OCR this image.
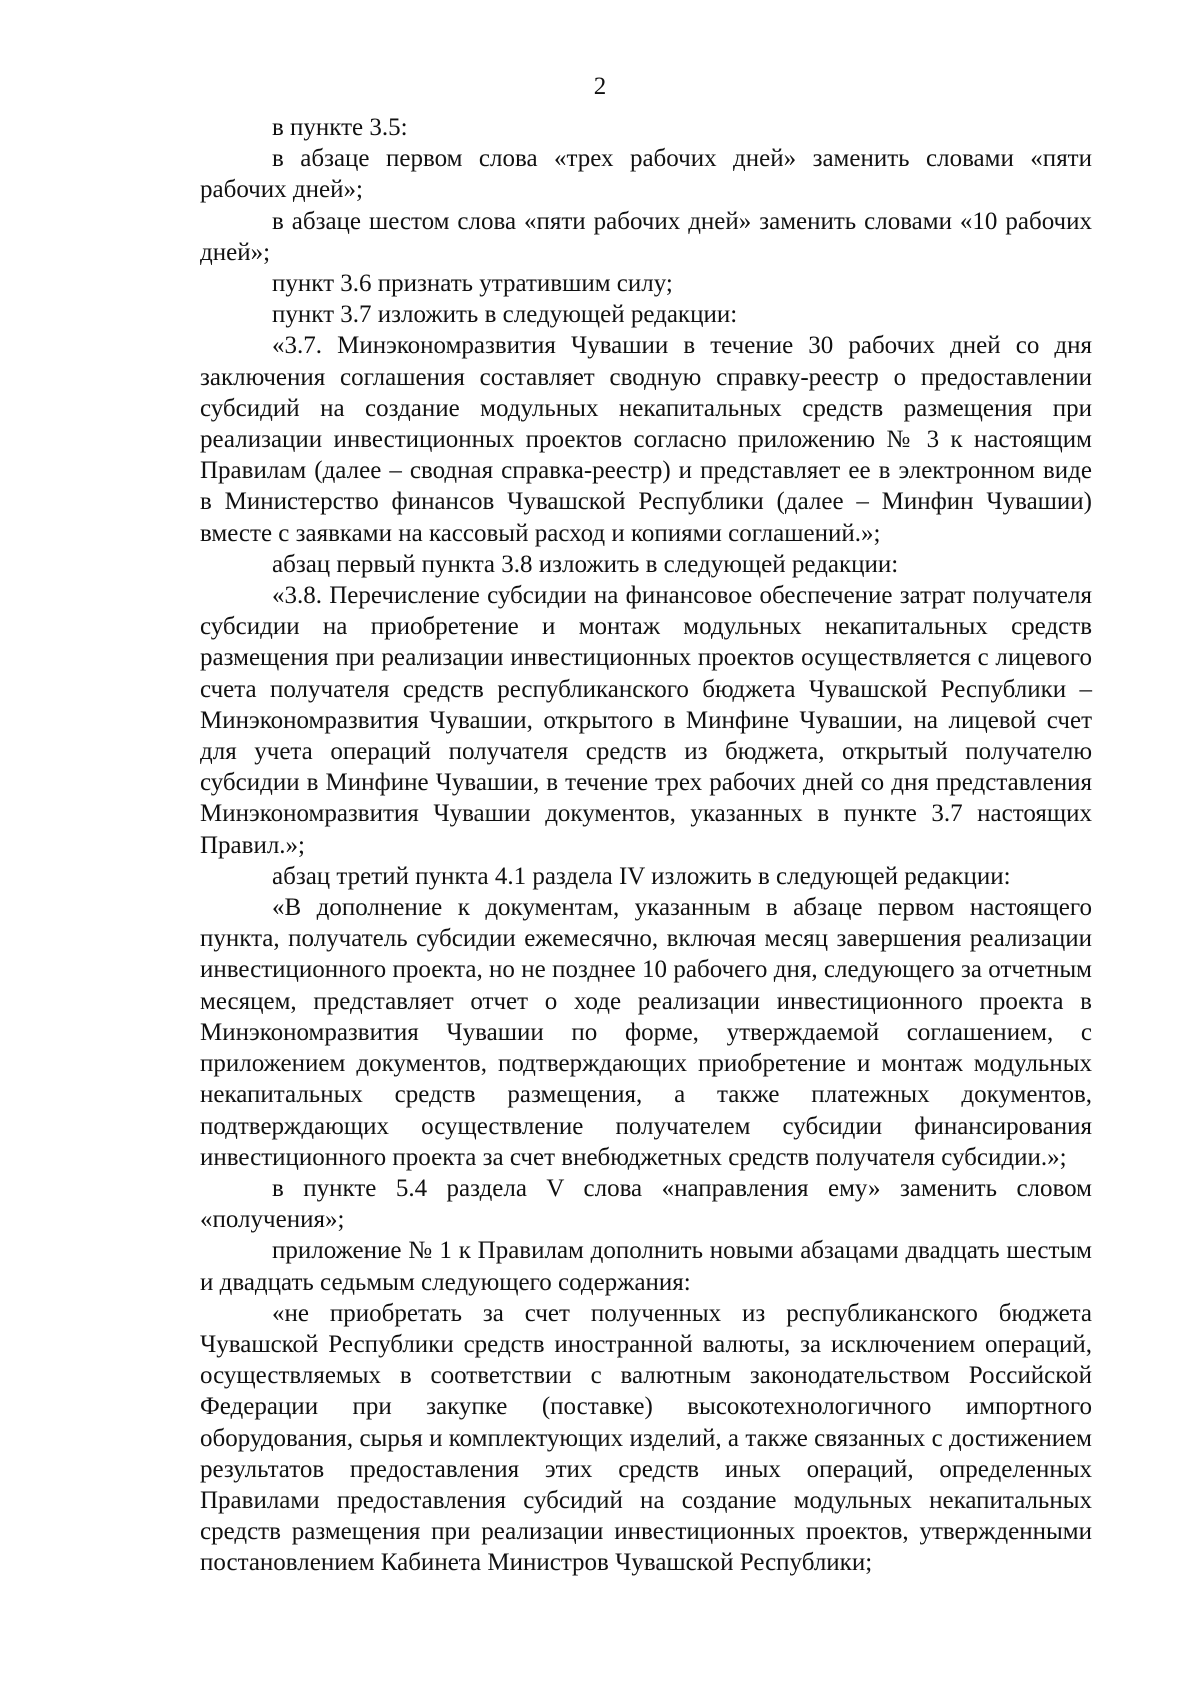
2

в пункте 3.5:

в абзаце первом слова «трех рабочих дней» заменить словами «пяти рабочих дней»;

в абзаце шестом слова «пяти рабочих дней» заменить словами «10 рабочих дней»;

пункт 3.6 признать утратившим силу;

пункт 3.7 изложить в следующей редакции:

«3.7. Минэкономразвития Чувашии в течение 30 рабочих дней со дня заключения соглашения составляет сводную справку-реестр о предоставлении субсидий на создание модульных некапитальных средств размещения при реализации инвестиционных проектов согласно приложению № 3 к настоящим Правилам (далее – сводная справка-реестр) и представляет ее в электронном виде в Министерство финансов Чувашской Республики (далее – Минфин Чувашии) вместе с заявками на кассовый расход и копиями соглашений.»;

абзац первый пункта 3.8 изложить в следующей редакции:

«3.8. Перечисление субсидии на финансовое обеспечение затрат получателя субсидии на приобретение и монтаж модульных некапитальных средств размещения при реализации инвестиционных проектов осуществляется с лицевого счета получателя средств республиканского бюджета Чувашской Республики – Минэкономразвития Чувашии, открытого в Минфине Чувашии, на лицевой счет для учета операций получателя средств из бюджета, открытый получателю субсидии в Минфине Чувашии, в течение трех рабочих дней со дня представления Минэкономразвития Чувашии документов, указанных в пункте 3.7 настоящих Правил.»;

абзац третий пункта 4.1 раздела IV изложить в следующей редакции:

«В дополнение к документам, указанным в абзаце первом настоящего пункта, получатель субсидии ежемесячно, включая месяц завершения реализации инвестиционного проекта, но не позднее 10 рабочего дня, следующего за отчетным месяцем, представляет отчет о ходе реализации инвестиционного проекта в Минэкономразвития Чувашии по форме, утверждаемой соглашением, с приложением документов, подтверждающих приобретение и монтаж модульных некапитальных средств размещения, а также платежных документов, подтверждающих осуществление получателем субсидии финансирования инвестиционного проекта за счет внебюджетных средств получателя субсидии.»;

в пункте 5.4 раздела V слова «направления ему» заменить словом «получения»;

приложение № 1 к Правилам дополнить новыми абзацами двадцать шестым и двадцать седьмым следующего содержания:

«не приобретать за счет полученных из республиканского бюджета Чувашской Республики средств иностранной валюты, за исключением операций, осуществляемых в соответствии с валютным законодательством Российской Федерации при закупке (поставке) высокотехнологичного импортного оборудования, сырья и комплектующих изделий, а также связанных с достижением результатов предоставления этих средств иных операций, определенных Правилами предоставления субсидий на создание модульных некапитальных средств размещения при реализации инвестиционных проектов, утвержденными постановлением Кабинета Министров Чувашской Республики;
